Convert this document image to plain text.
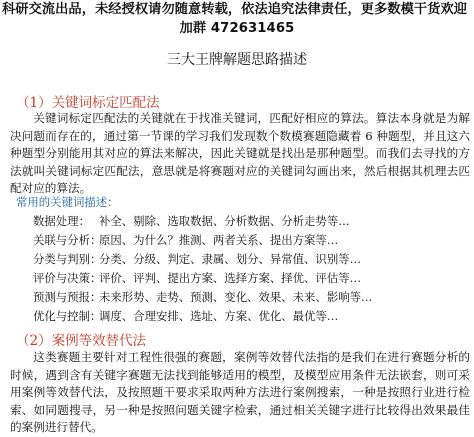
科研交流出品，未经授权请勿随意转载，依法追究法律责任，更多数模干货欢迎
加群 472631465
三大王牌解题思路描述
（1）关键词标定匹配法

关键词标定匹配法的关键就在于找准关键词，匹配好相应的算法。算法本身就是为解决问题而存在的，通过第一节课的学习我们发现数个数模赛题隐藏着 6 种题型，并且这六种题型分别能用其对应的算法来解决，因此关键就是找出是那种题型。而我们去寻找的方法就叫关键词标定匹配法，意思就是将赛题对应的关键词勾画出来，然后根据其机理去匹配对应的算法。

常用的关键词描述：
数据处理： 补全、剔除、选取数据、分析数据、分析走势等…
关联与分析：
原因、为什么？推测、两者关系、提出方案等…
分类与判别：
分类、分级、判定、隶属、划分、异常值、识别等…
评价与决策：
评价、评判、提出方案、选择方案、择优、评估等…
预测与预报：
未来形势、走势、预测、变化、效果、未来、影响等…
优化与控制：
调度、合理安排、选址、方案、优化、最优等…
（2）案例等效替代法

这类赛题主要针对工程性很强的赛题，案例等效替代法指的是我们在进行赛题分析的时候，遇到含有关键字赛题无法找到能够适用的模型，及模型应用条件无法嵌套，则可采用案例等效替代法，及按照题干要求采取两种方法进行案例搜索，一种是按照行业进行检索、如同题搜寻，另一种是按照问题关键字检索，通过相关关键字进行比较得出效果最佳的案例进行替代。
